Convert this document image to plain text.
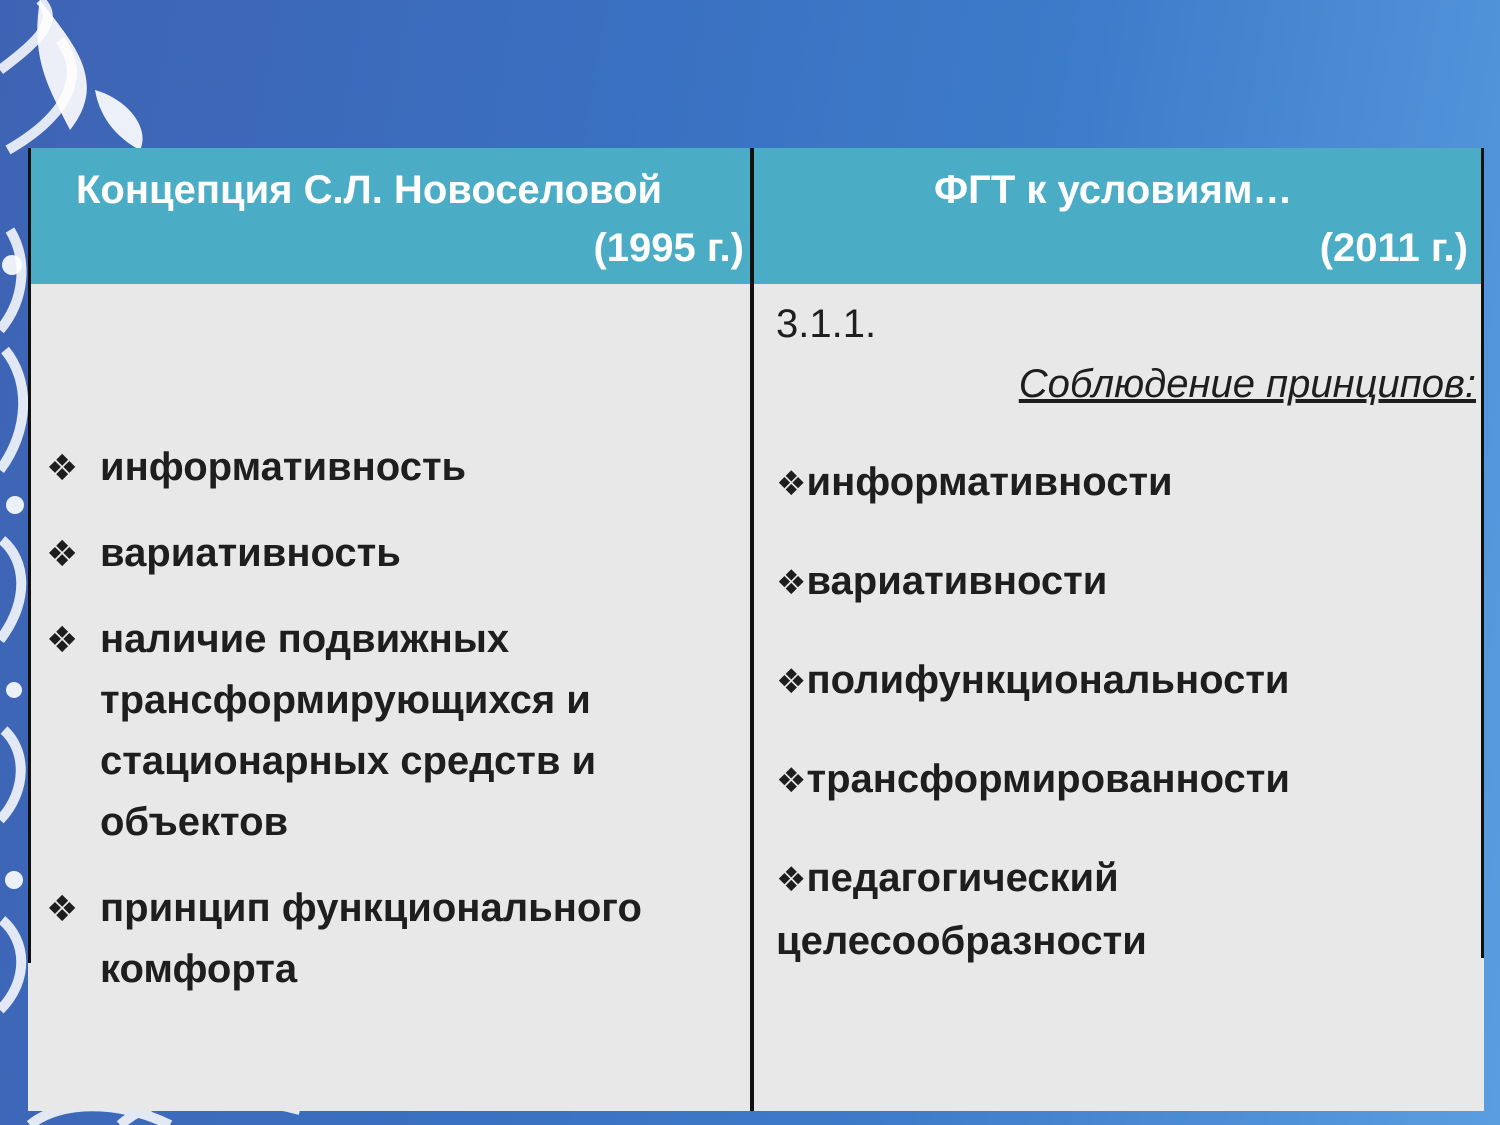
Концепция С.Л. Новоселовой
(1995 г.)
ФГТ к условиям…
(2011 г.)
❖ информативность
❖ вариативность
❖ наличие подвижных
трансформирующихся и
стационарных средств и
объектов
❖ принцип функционального
комфорта
3.1.1.
Соблюдение принципов:
❖информативности
❖вариативности
❖полифункциональности
❖трансформированности
❖педагогический
целесообразности
